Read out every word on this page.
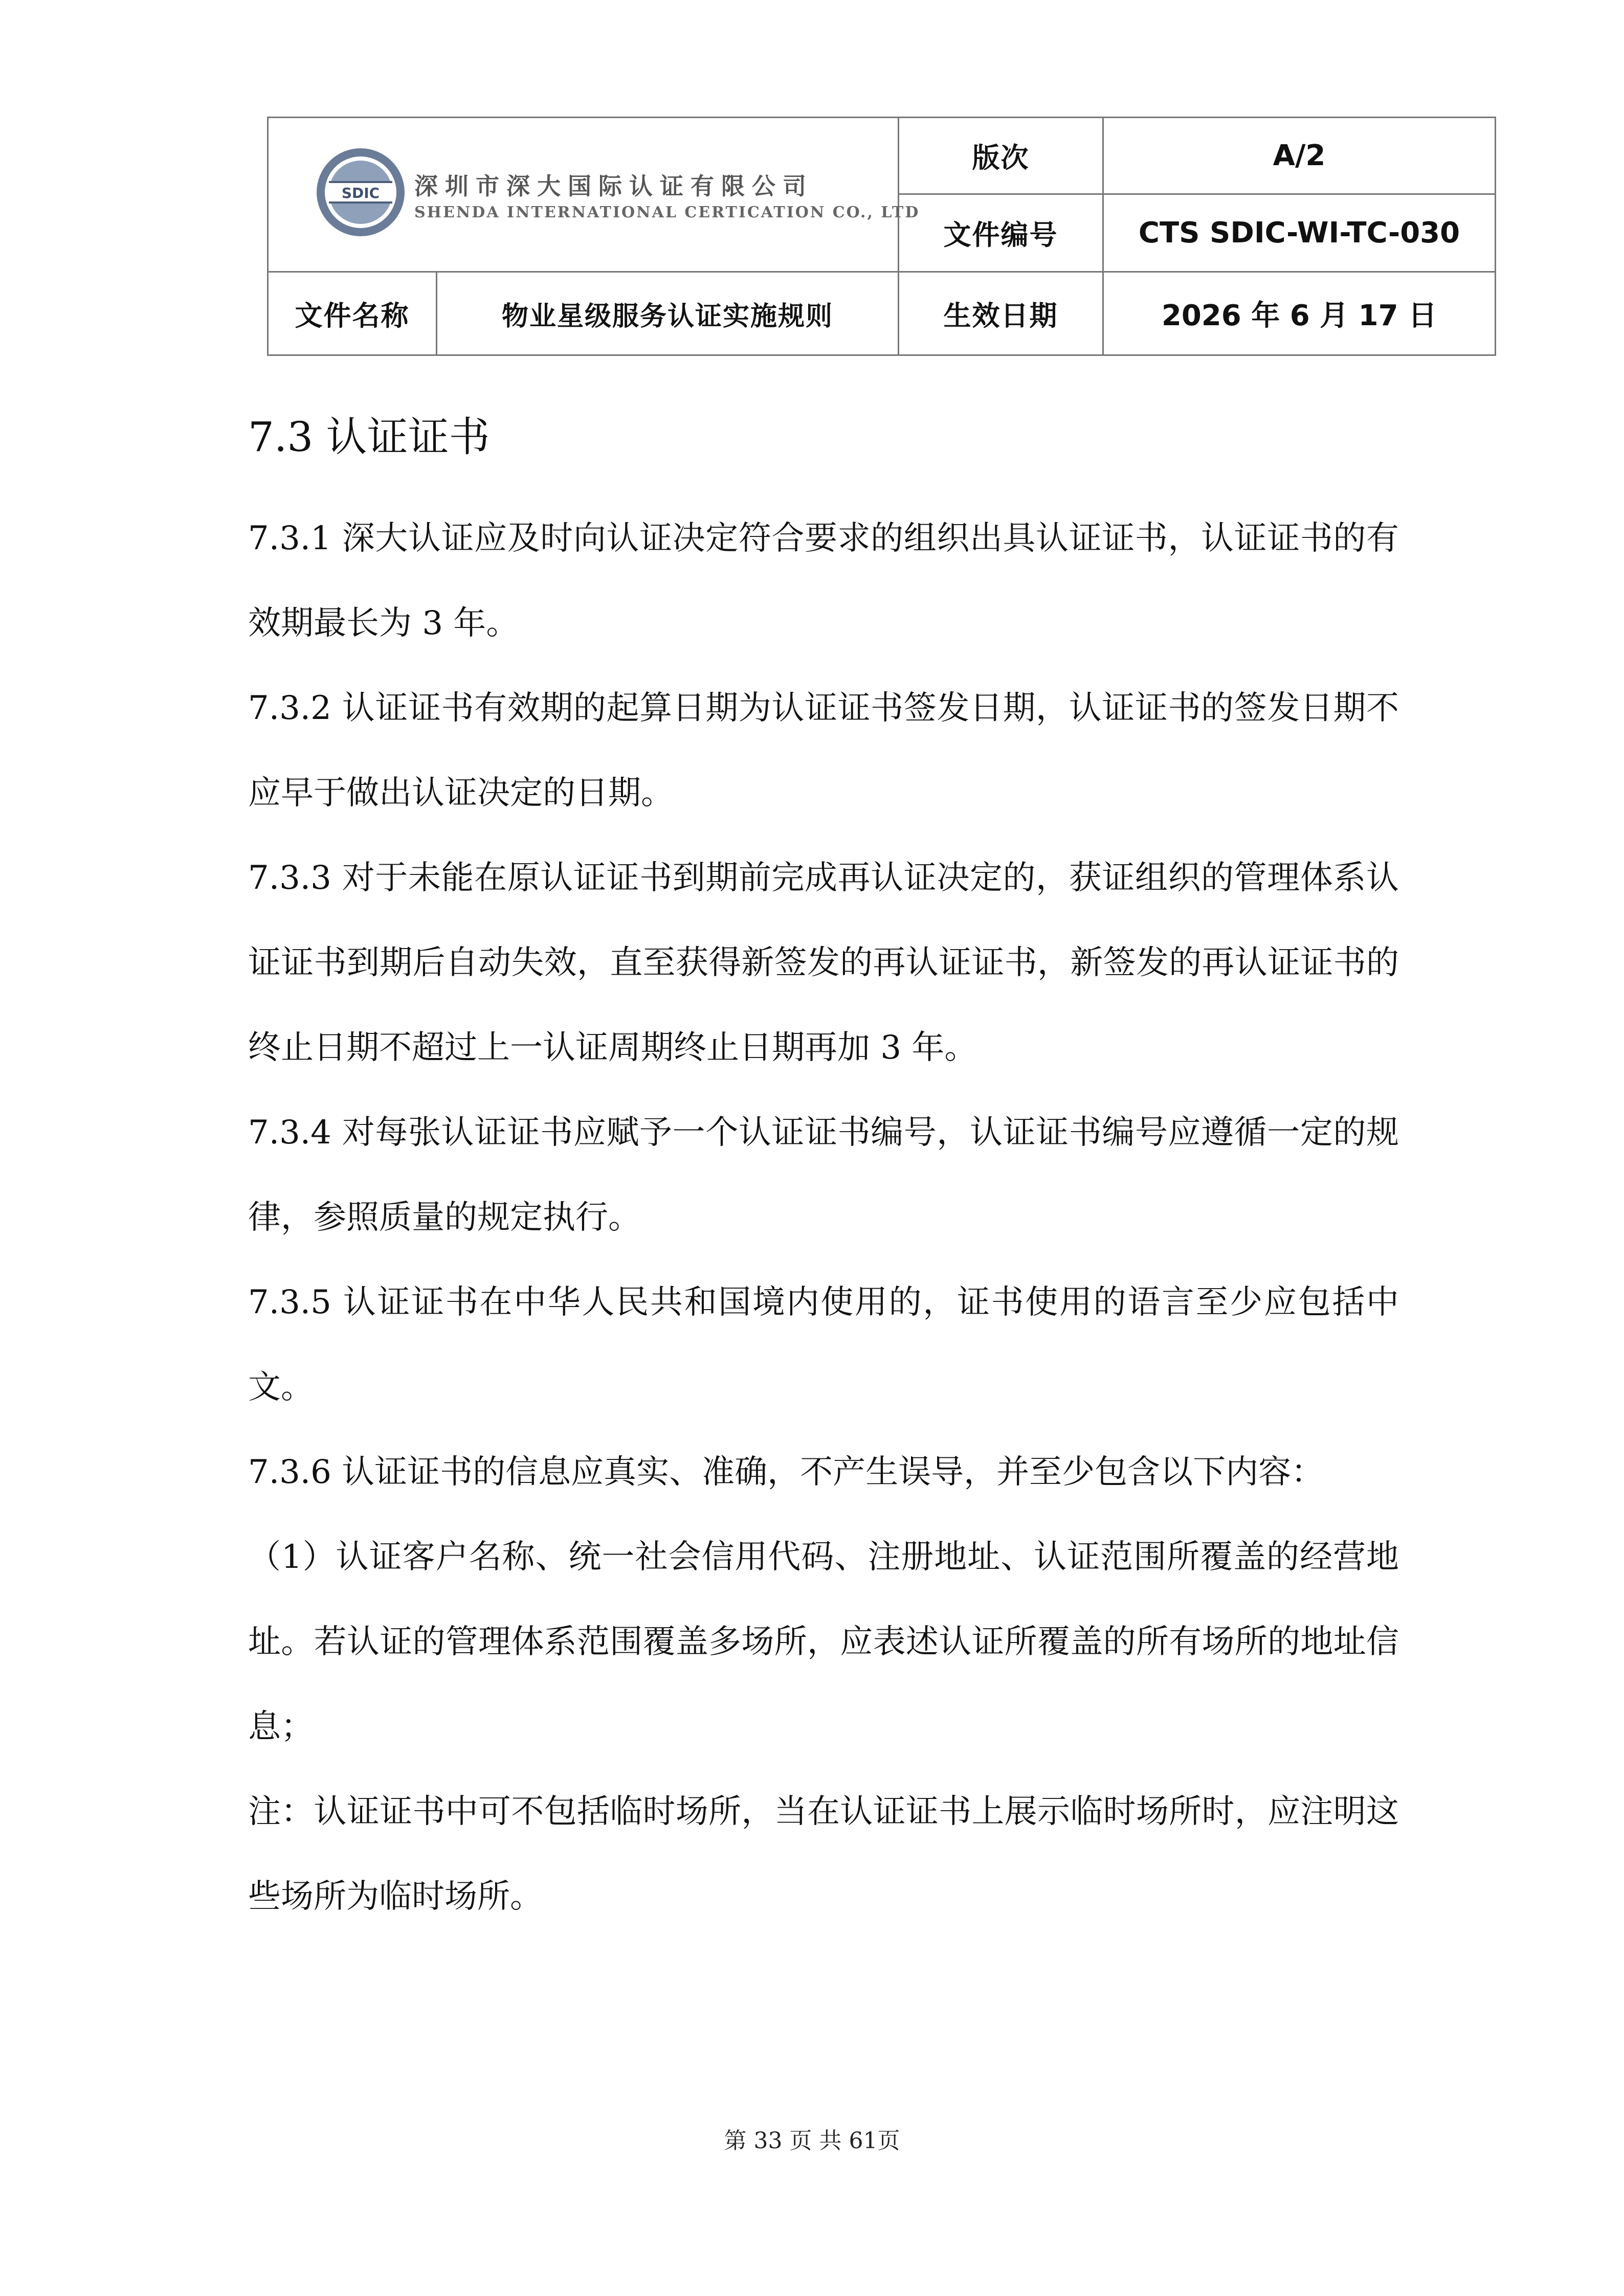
SDIC 深圳市深大国际认证有限公司
SHENDA INTERNATIONAL CERTICATION CO., LTD		版次	A/2
		文件编号	CTS SDIC-WI-TC-030
文件名称	物业星级服务认证实施规则	生效日期	2026 年 6 月 17 日
7.3 认证证书

7.3.1 深大认证应及时向认证决定符合要求的组织出具认证证书，认证证书的有效期最长为 3 年。

7.3.2 认证证书有效期的起算日期为认证证书签发日期，认证证书的签发日期不应早于做出认证决定的日期。

7.3.3 对于未能在原认证证书到期前完成再认证决定的，获证组织的管理体系认证证书到期后自动失效，直至获得新签发的再认证证书，新签发的再认证证书的终止日期不超过上一认证周期终止日期再加 3 年。

7.3.4 对每张认证证书应赋予一个认证证书编号，认证证书编号应遵循一定的规律，参照质量的规定执行。

7.3.5 认证证书在中华人民共和国境内使用的，证书使用的语言至少应包括中文。

7.3.6 认证证书的信息应真实、准确，不产生误导，并至少包含以下内容：

（1）认证客户名称、统一社会信用代码、注册地址、认证范围所覆盖的经营地址。若认证的管理体系范围覆盖多场所，应表述认证所覆盖的所有场所的地址信息；

注：认证证书中可不包括临时场所，当在认证证书上展示临时场所时，应注明这些场所为临时场所。

第 33 页 共 61页
